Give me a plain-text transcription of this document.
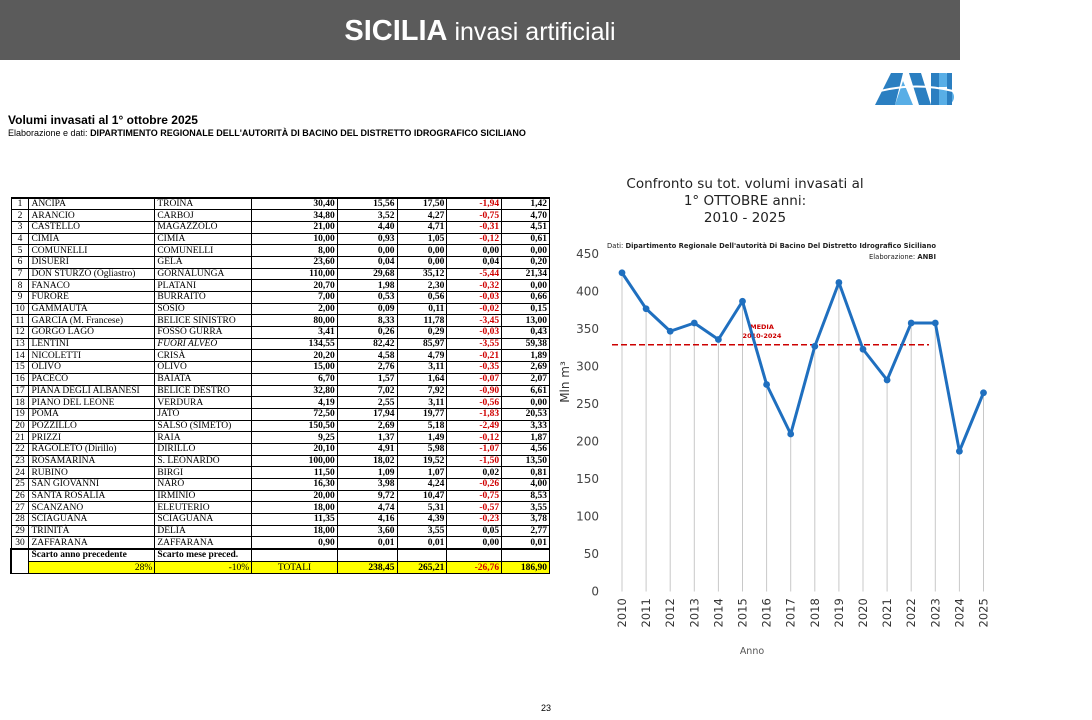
SICILIA invasi artificiali
Volumi invasati al 1° ottobre 2025
Elaborazione e dati: DIPARTIMENTO REGIONALE DELL'AUTORITÀ DI BACINO DEL DISTRETTO IDROGRAFICO SICILIANO
1	ANCIPA	TROINA	30,40	15,56	17,50	-1,94	1,42
2	ARANCIO	CARBOJ	34,80	3,52	4,27	-0,75	4,70
3	CASTELLO	MAGAZZOLO	21,00	4,40	4,71	-0,31	4,51
4	CIMIA	CIMIA	10,00	0,93	1,05	-0,12	0,61
5	COMUNELLI	COMUNELLI	8,00	0,00	0,00	0,00	0,00
6	DISUERI	GELA	23,60	0,04	0,00	0,04	0,20
7	DON STURZO (Ogliastro)	GORNALUNGA	110,00	29,68	35,12	-5,44	21,34
8	FANACO	PLATANI	20,70	1,98	2,30	-0,32	0,00
9	FURORE	BURRAITO	7,00	0,53	0,56	-0,03	0,66
10	GAMMAUTA	SOSIO	2,00	0,09	0,11	-0,02	0,15
11	GARCIA (M. Francese)	BELICE SINISTRO	80,00	8,33	11,78	-3,45	13,00
12	GORGO LAGO	FOSSO GURRA	3,41	0,26	0,29	-0,03	0,43
13	LENTINI	FUORI ALVEO	134,55	82,42	85,97	-3,55	59,38
14	NICOLETTI	CRISÀ	20,20	4,58	4,79	-0,21	1,89
15	OLIVO	OLIVO	15,00	2,76	3,11	-0,35	2,69
16	PACECO	BAIATA	6,70	1,57	1,64	-0,07	2,07
17	PIANA DEGLI ALBANESI	BELICE DESTRO	32,80	7,02	7,92	-0,90	6,61
18	PIANO DEL LEONE	VERDURA	4,19	2,55	3,11	-0,56	0,00
19	POMA	JATO	72,50	17,94	19,77	-1,83	20,53
20	POZZILLO	SALSO (SIMETO)	150,50	2,69	5,18	-2,49	3,33
21	PRIZZI	RAIA	9,25	1,37	1,49	-0,12	1,87
22	RAGOLETO (Dirillo)	DIRILLO	20,10	4,91	5,98	-1,07	4,56
23	ROSAMARINA	S. LEONARDO	100,00	18,02	19,52	-1,50	13,50
24	RUBINO	BIRGI	11,50	1,09	1,07	0,02	0,81
25	SAN GIOVANNI	NARO	16,30	3,98	4,24	-0,26	4,00
26	SANTA ROSALIA	IRMINIO	20,00	9,72	10,47	-0,75	8,53
27	SCANZANO	ELEUTERIO	18,00	4,74	5,31	-0,57	3,55
28	SCIAGUANA	SCIAGUANA	11,35	4,16	4,39	-0,23	3,78
29	TRINITÀ	DELIA	18,00	3,60	3,55	0,05	2,77
30	ZAFFARANA	ZAFFARANA	0,90	0,01	0,01	0,00	0,01
	Scarto anno precedente	Scarto mese preced.					
	28%	-10%	TOTALI	238,45	265,21	-26,76	186,90
Confronto su tot. volumi invasati al
1° OTTOBRE anni:
2010 - 2025
Dati: Dipartimento Regionale Dell'autorità Di Bacino Del Distretto Idrografico Siciliano
Elaborazione: ANBI
0
50
100
150
200
250
300
350
400
450
2010 2011 2012 2013 2014 2015 2016 2017 2018 2019 2020 2021 2022 2023 2024 2025
MEDIA
2010-2024
Mln m³
Anno
23
